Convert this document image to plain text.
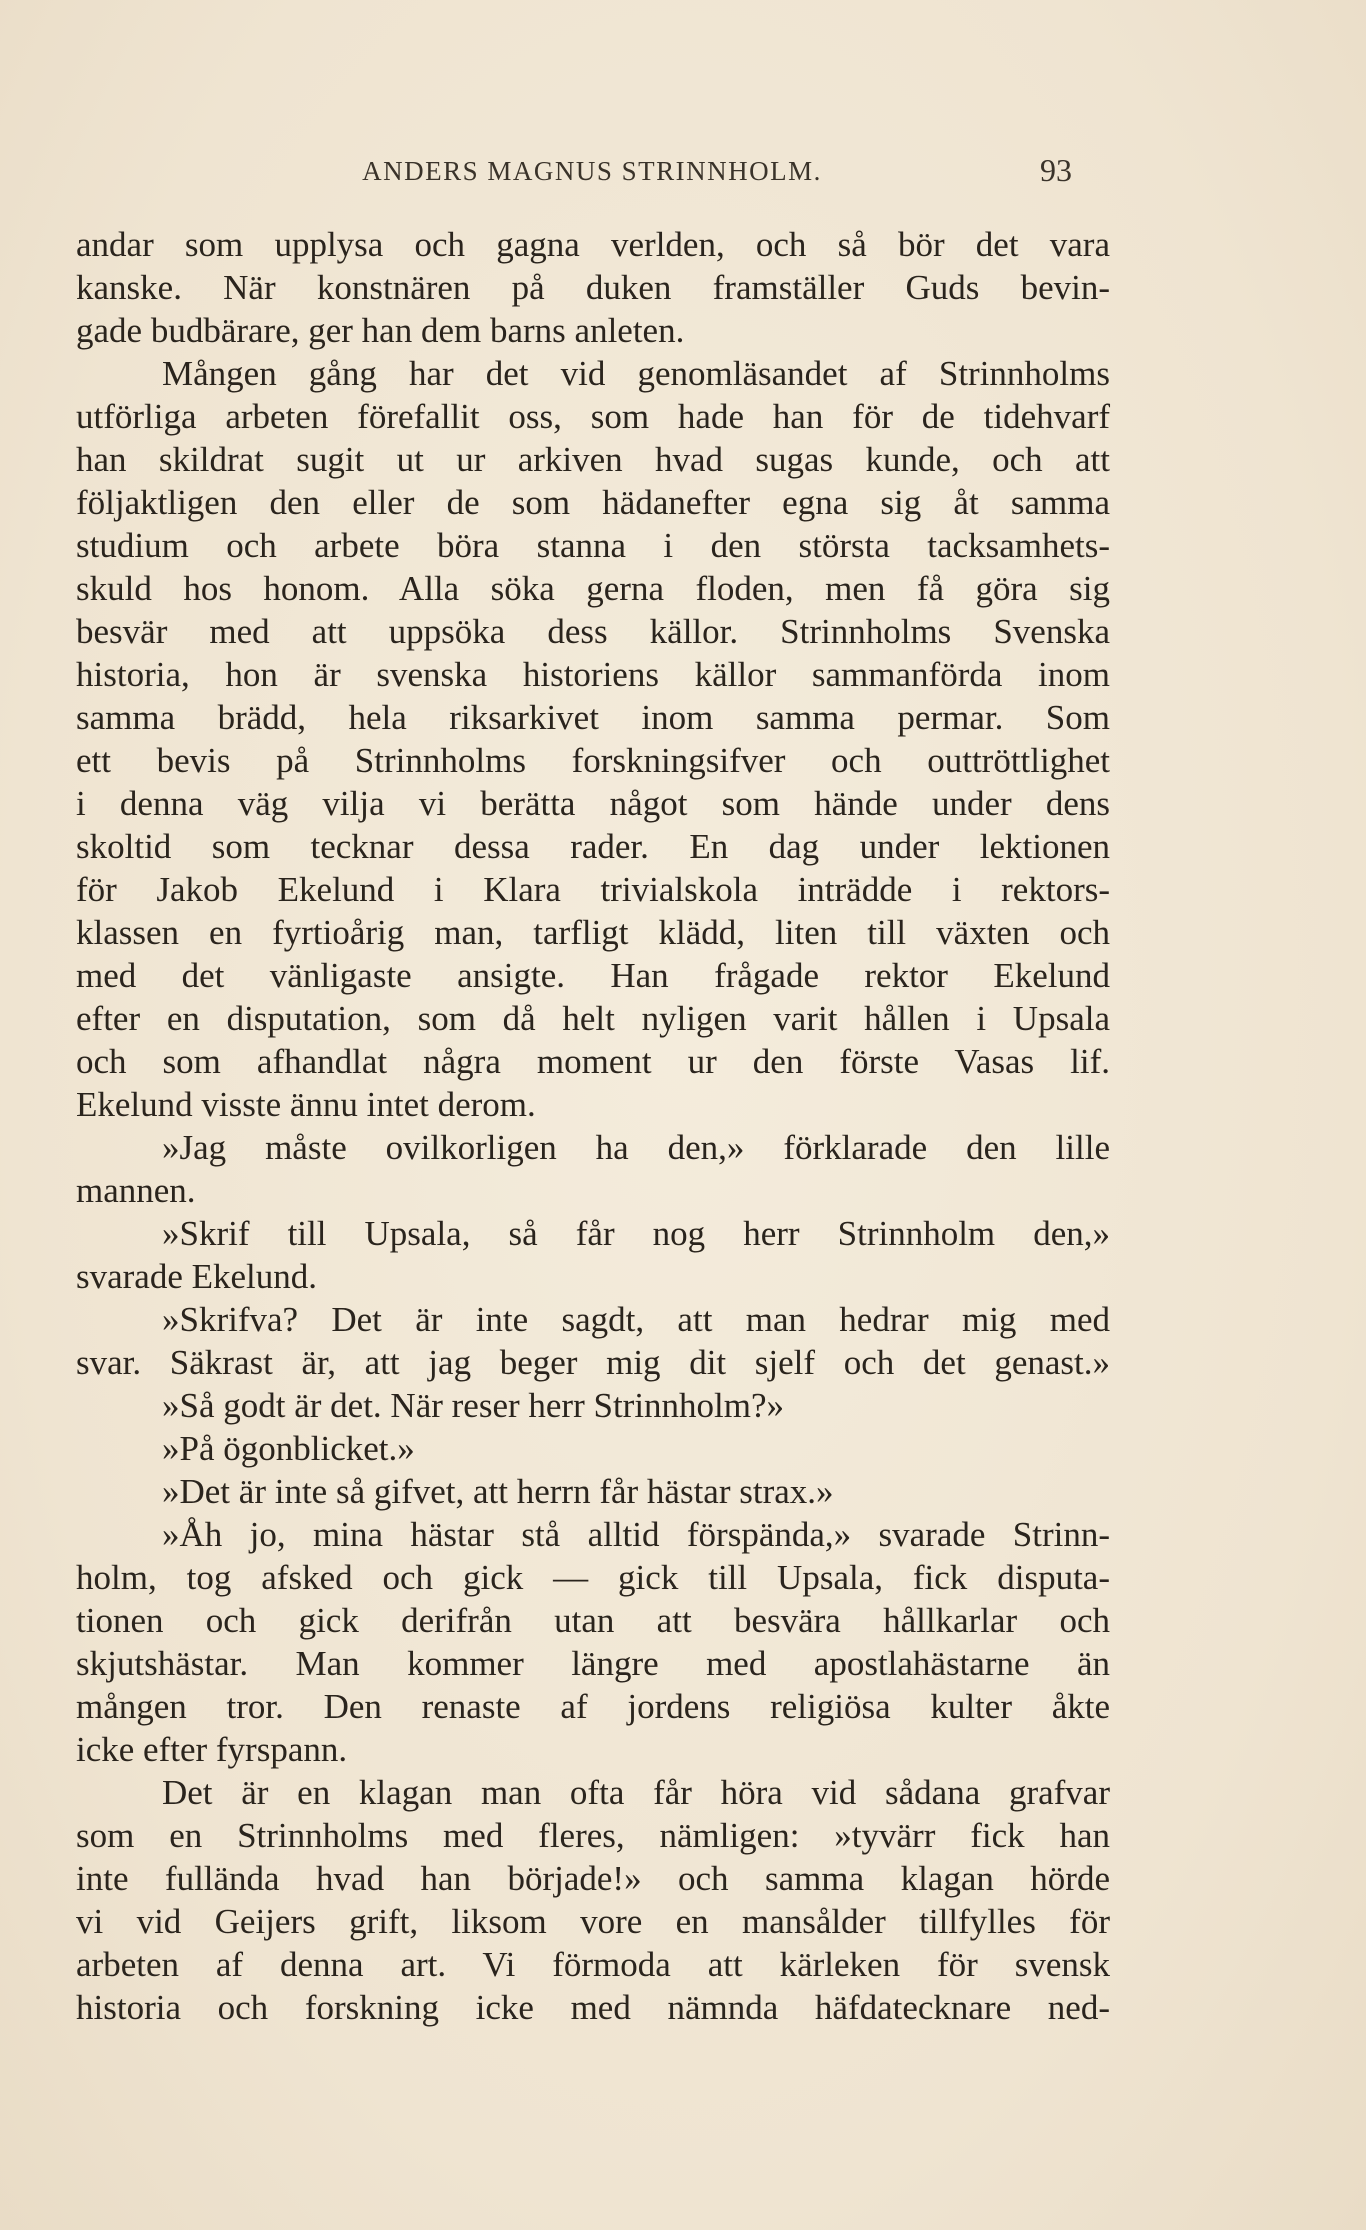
ANDERS MAGNUS STRINNHOLM.	93
andar som upplysa och gagna verlden, och så bör det vara
kanske. När konstnären på duken framställer Guds bevin-
gade budbärare, ger han dem barns anleten.
Mången gång har det vid genomläsandet af Strinnholms
utförliga arbeten förefallit oss, som hade han för de tidehvarf
han skildrat sugit ut ur arkiven hvad sugas kunde, och att
följaktligen den eller de som hädanefter egna sig åt samma
studium och arbete böra stanna i den största tacksamhets-
skuld hos honom. Alla söka gerna floden, men få göra sig
besvär med att uppsöka dess källor. Strinnholms Svenska
historia, hon är svenska historiens källor sammanförda inom
samma brädd, hela riksarkivet inom samma permar. Som
ett bevis på Strinnholms forskningsifver och outtröttlighet
i denna väg vilja vi berätta något som hände under dens
skoltid som tecknar dessa rader. En dag under lektionen
för Jakob Ekelund i Klara trivialskola inträdde i rektors-
klassen en fyrtioårig man, tarfligt klädd, liten till växten och
med det vänligaste ansigte. Han frågade rektor Ekelund
efter en disputation, som då helt nyligen varit hållen i Upsala
och som afhandlat några moment ur den förste Vasas lif.
Ekelund visste ännu intet derom.
»Jag måste ovilkorligen ha den,» förklarade den lille
mannen.
»Skrif till Upsala, så får nog herr Strinnholm den,»
svarade Ekelund.
»Skrifva? Det är inte sagdt, att man hedrar mig med
svar. Säkrast är, att jag beger mig dit sjelf och det genast.»
»Så godt är det. När reser herr Strinnholm?»
»På ögonblicket.»
»Det är inte så gifvet, att herrn får hästar strax.»
»Åh jo, mina hästar stå alltid förspända,» svarade Strinn-
holm, tog afsked och gick — gick till Upsala, fick disputa-
tionen och gick derifrån utan att besvära hållkarlar och
skjutshästar. Man kommer längre med apostlahästarne än
mången tror. Den renaste af jordens religiösa kulter åkte
icke efter fyrspann.
Det är en klagan man ofta får höra vid sådana grafvar
som en Strinnholms med fleres, nämligen: »tyvärr fick han
inte fulländа hvad han började!» och samma klagan hörde
vi vid Geijers grift, liksom vore en mansålder tillfylles för
arbeten af denna art. Vi förmoda att kärleken för svensk
historia och forskning icke med nämnda häfdatecknare ned-
